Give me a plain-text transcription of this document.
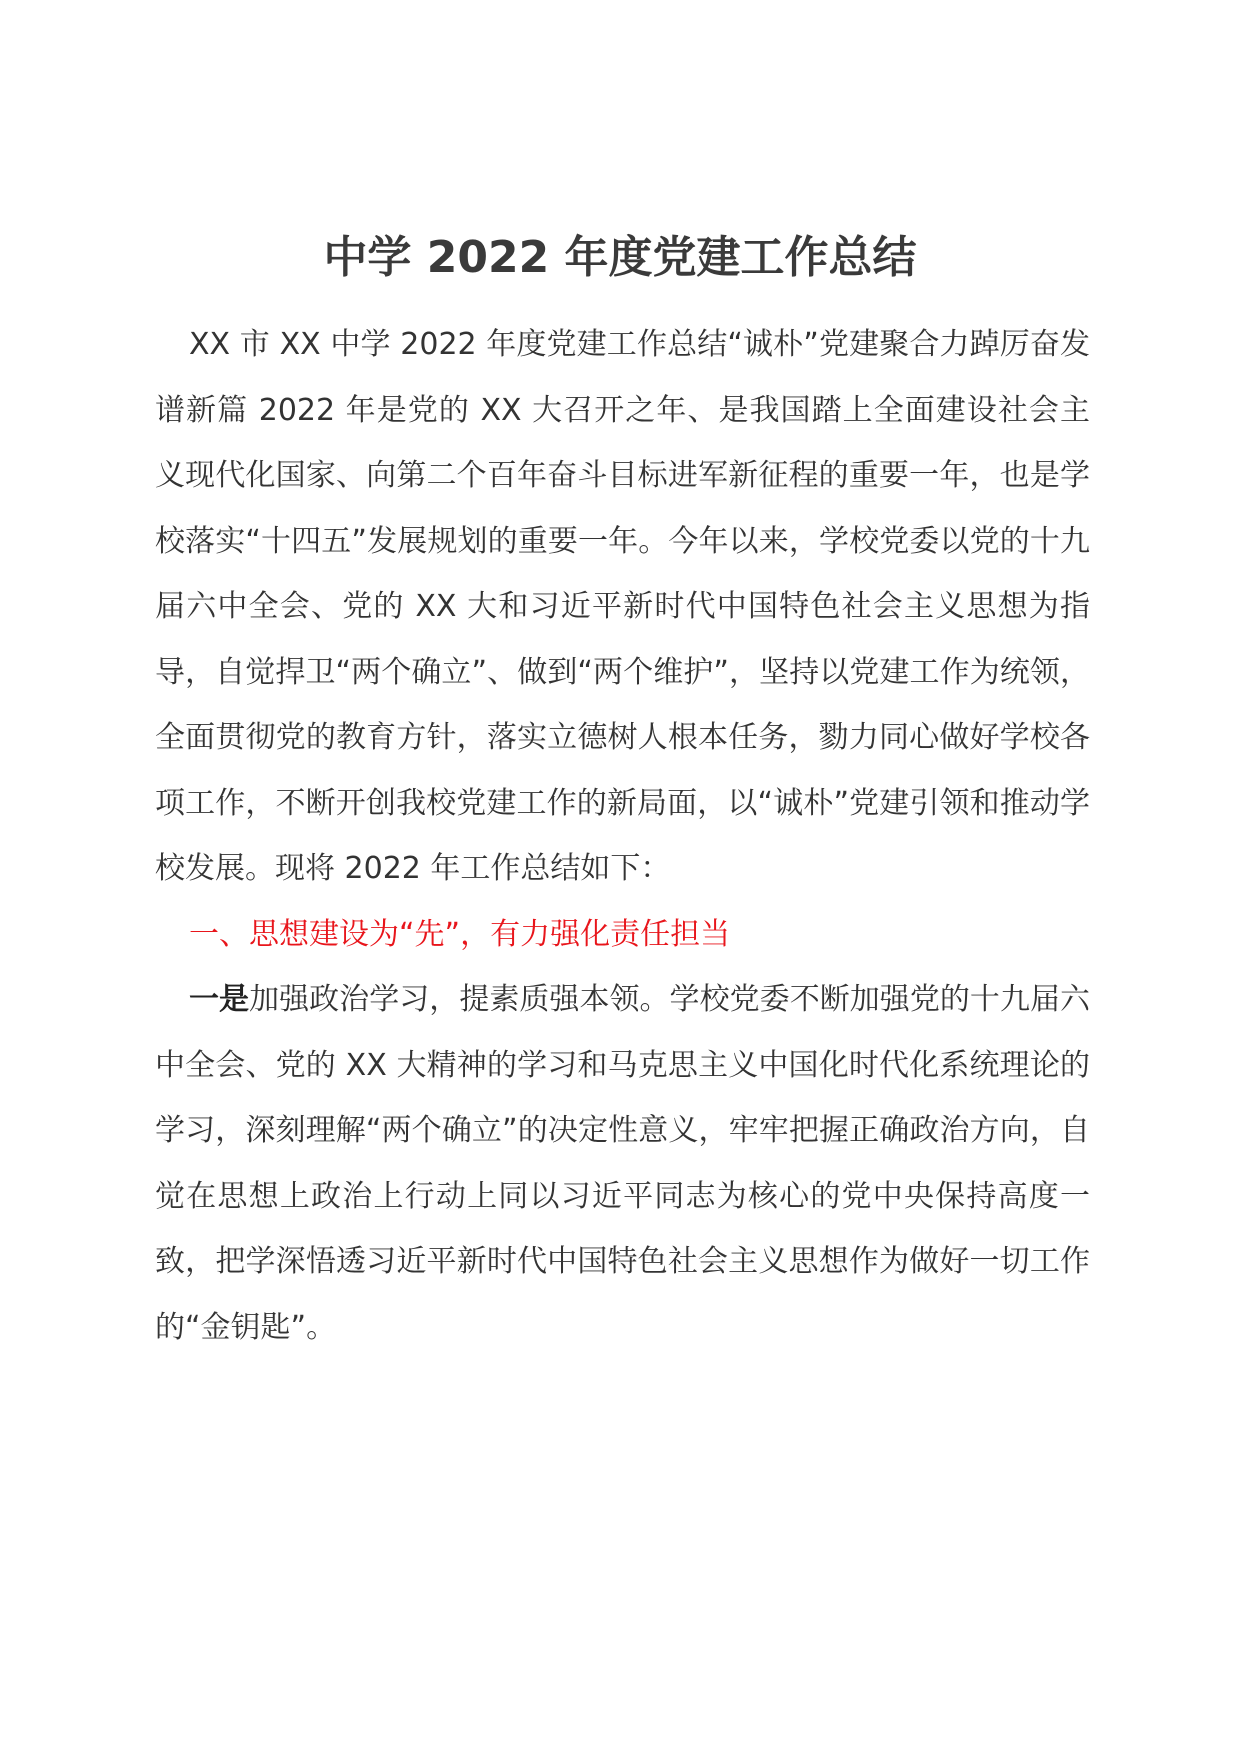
中学 2022 年度党建工作总结

XX 市 XX 中学 2022 年度党建工作总结“诚朴”党建聚合力踔厉奋发谱新篇 2022 年是党的 XX 大召开之年、是我国踏上全面建设社会主义现代化国家、向第二个百年奋斗目标进军新征程的重要一年，也是学校落实“十四五”发展规划的重要一年。今年以来，学校党委以党的十九届六中全会、党的 XX 大和习近平新时代中国特色社会主义思想为指导，自觉捍卫“两个确立”、做到“两个维护”，坚持以党建工作为统领，全面贯彻党的教育方针，落实立德树人根本任务，勠力同心做好学校各项工作，不断开创我校党建工作的新局面，以“诚朴”党建引领和推动学校发展。现将 2022 年工作总结如下：

一、思想建设为“先”，有力强化责任担当

一是加强政治学习，提素质强本领。学校党委不断加强党的十九届六中全会、党的 XX 大精神的学习和马克思主义中国化时代化系统理论的学习，深刻理解“两个确立”的决定性意义，牢牢把握正确政治方向，自觉在思想上政治上行动上同以习近平同志为核心的党中央保持高度一致，把学深悟透习近平新时代中国特色社会主义思想作为做好一切工作的“金钥匙”。
